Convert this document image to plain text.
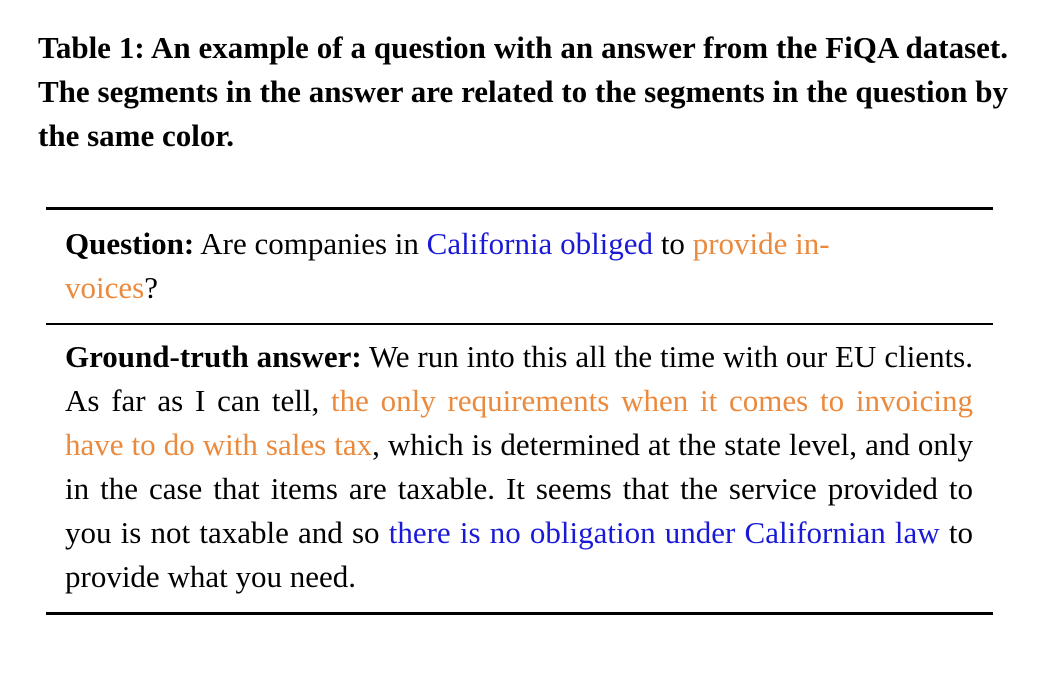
Table 1: An example of a question with an answer from the FiQA dataset. The segments in the answer are related to the segments in the question by the same color.
Question: Are companies in California obliged to provide in-
voices?
Ground-truth answer: We run into this all the time with our EU clients. As far as I can tell, the only requirements when it comes to invoicing have to do with sales tax, which is determined at the state level, and only in the case that items are taxable. It seems that the service provided to you is not taxable and so there is no obligation under Californian law to provide what you need.
